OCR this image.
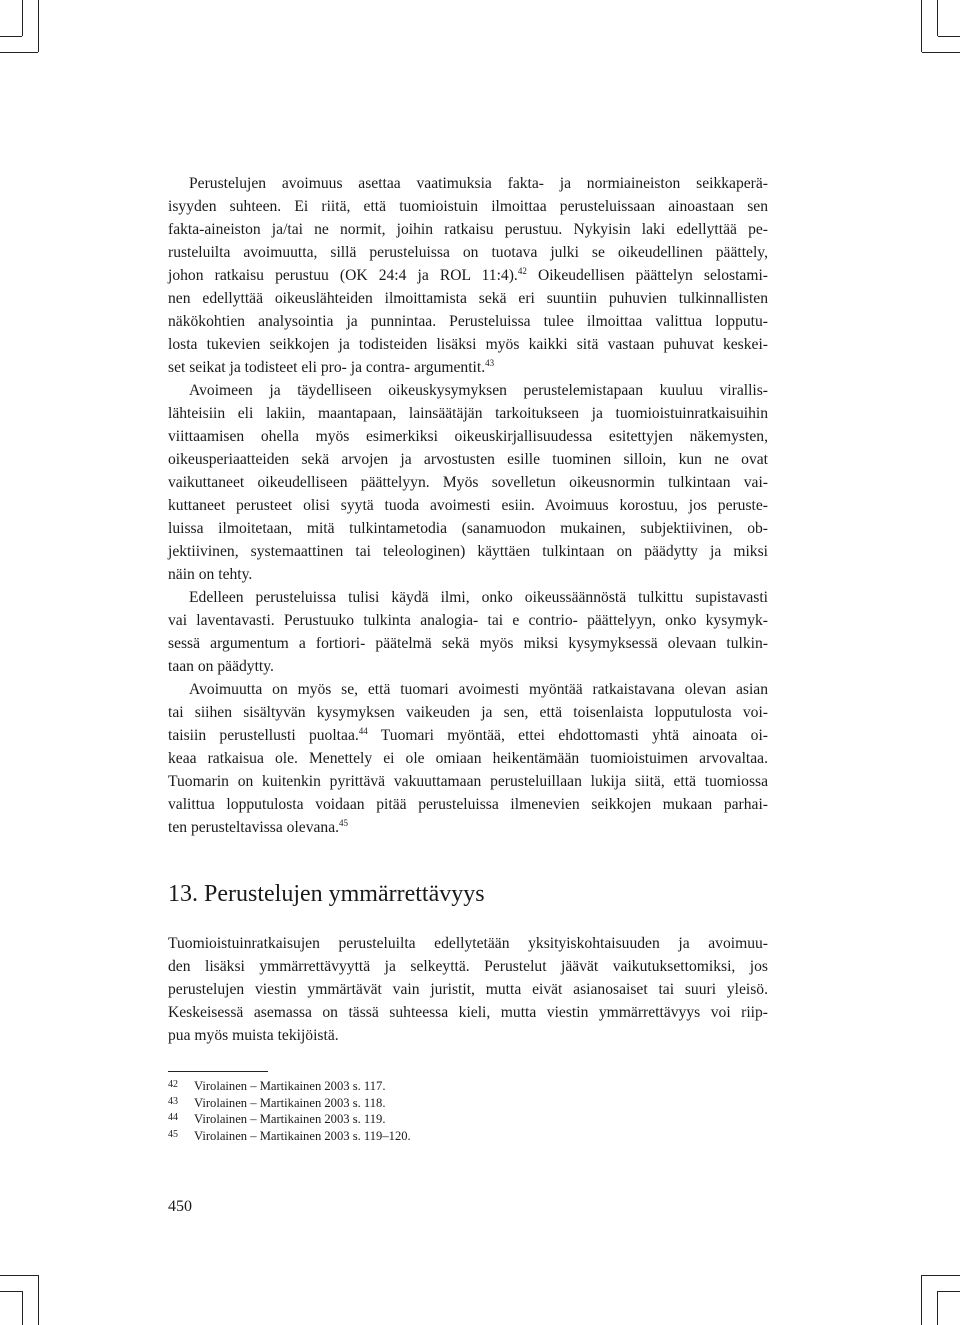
Perustelujen avoimuus asettaa vaatimuksia fakta- ja normiaineiston seikkaperä-
isyyden suhteen. Ei riitä, että tuomioistuin ilmoittaa perusteluissaan ainoastaan sen
fakta-aineiston ja/tai ne normit, joihin ratkaisu perustuu. Nykyisin laki edellyttää pe-
rusteluilta avoimuutta, sillä perusteluissa on tuotava julki se oikeudellinen päättely,
johon ratkaisu perustuu (OK 24:4 ja ROL 11:4).$^{42}$ Oikeudellisen päättelyn selostami-
nen edellyttää oikeuslähteiden ilmoittamista sekä eri suuntiin puhuvien tulkinnallisten
näkökohtien analysointia ja punnintaa. Perusteluissa tulee ilmoittaa valittua lopputu-
losta tukevien seikkojen ja todisteiden lisäksi myös kaikki sitä vastaan puhuvat keskei-
set seikat ja todisteet eli pro- ja contra- argumentit.$^{43}$
Avoimeen ja täydelliseen oikeuskysymyksen perustelemistapaan kuuluu virallis-
lähteisiin eli lakiin, maantapaan, lainsäätäjän tarkoitukseen ja tuomioistuinratkaisuihin
viittaamisen ohella myös esimerkiksi oikeuskirjallisuudessa esitettyjen näkemysten,
oikeusperiaatteiden sekä arvojen ja arvostusten esille tuominen silloin, kun ne ovat
vaikuttaneet oikeudelliseen päättelyyn. Myös sovelletun oikeusnormin tulkintaan vai-
kuttaneet perusteet olisi syytä tuoda avoimesti esiin. Avoimuus korostuu, jos peruste-
luissa ilmoitetaan, mitä tulkintametodia (sanamuodon mukainen, subjektiivinen, ob-
jektiivinen, systemaattinen tai teleologinen) käyttäen tulkintaan on päädytty ja miksi
näin on tehty.
Edelleen perusteluissa tulisi käydä ilmi, onko oikeussäännöstä tulkittu supistavasti
vai laventavasti. Perustuuko tulkinta analogia- tai e contrio- päättelyyn, onko kysymyk-
sessä argumentum a fortiori- päätelmä sekä myös miksi kysymyksessä olevaan tulkin-
taan on päädytty.
Avoimuutta on myös se, että tuomari avoimesti myöntää ratkaistavana olevan asian
tai siihen sisältyvän kysymyksen vaikeuden ja sen, että toisenlaista lopputulosta voi-
taisiin perustellusti puoltaa.$^{44}$ Tuomari myöntää, ettei ehdottomasti yhtä ainoata oi-
keaa ratkaisua ole. Menettely ei ole omiaan heikentämään tuomioistuimen arvovaltaa.
Tuomarin on kuitenkin pyrittävä vakuuttamaan perusteluillaan lukija siitä, että tuomiossa
valittua lopputulosta voidaan pitää perusteluissa ilmenevien seikkojen mukaan parhai-
ten perusteltavissa olevana.$^{45}$
13. Perustelujen ymmärrettävyys
Tuomioistuinratkaisujen perusteluilta edellytetään yksityiskohtaisuuden ja avoimuu-
den lisäksi ymmärrettävyyttä ja selkeyttä. Perustelut jäävät vaikutuksettomiksi, jos
perustelujen viestin ymmärtävät vain juristit, mutta eivät asianosaiset tai suuri yleisö.
Keskeisessä asemassa on tässä suhteessa kieli, mutta viestin ymmärrettävyys voi riip-
pua myös muista tekijöistä.
42 Virolainen – Martikainen 2003 s. 117.
43 Virolainen – Martikainen 2003 s. 118.
44 Virolainen – Martikainen 2003 s. 119.
45 Virolainen – Martikainen 2003 s. 119–120.
450
